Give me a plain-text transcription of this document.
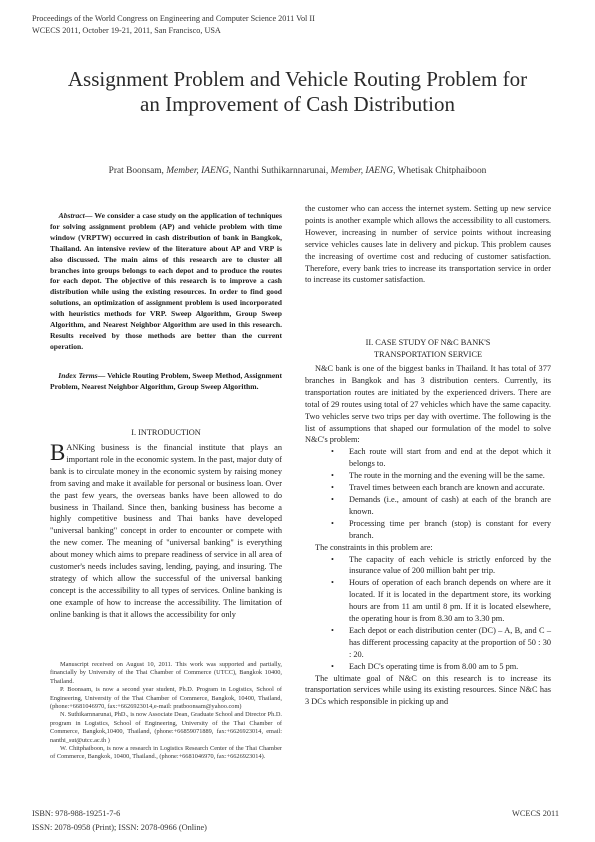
Proceedings of the World Congress on Engineering and Computer Science 2011 Vol II
WCECS 2011, October 19-21, 2011, San Francisco, USA
Assignment Problem and Vehicle Routing Problem for an Improvement of Cash Distribution
Prat Boonsam, Member, IAENG, Nanthi Suthikarnnarunai, Member, IAENG, Whetisak Chitphaiboon
Abstract— We consider a case study on the application of techniques for solving assignment problem (AP) and vehicle problem with time window (VRPTW) occurred in cash distribution of bank in Bangkok, Thailand. An intensive review of the literature about AP and VRP is also discussed. The main aims of this research are to cluster all branches into groups belongs to each depot and to produce the routes for each depot. The objective of this research is to improve a cash distribution while using the existing resources. In order to find good solutions, an optimization of assignment problem is used incorporated with heuristics methods for VRP. Sweep Algorithm, Group Sweep Algorithm, and Nearest Neighbor Algorithm are used in this research. Results received by those methods are better than the current operation.
Index Terms— Vehicle Routing Problem, Sweep Method, Assignment Problem, Nearest Neighbor Algorithm, Group Sweep Algorithm.
I. INTRODUCTION
B ANKing business is the financial institute that plays an important role in the economic system. In the past, major duty of bank is to circulate money in the economic system by raising money from saving and make it available for personal or business loan. Over the past few years, the overseas banks have been allowed to do business in Thailand. Since then, banking business has become a highly competitive business and Thai banks have developed "universal banking" concept in order to encounter or compete with the new comer. The meaning of "universal banking" is everything about money which aims to prepare readiness of service in all area of customer's needs includes saving, lending, paying, and insuring. The strategy of which allow the successful of the universal banking concept is the accessibility to all types of services. Online banking is one example of how to increase the accessibility. The limitation of online banking is that it allows the accessibility for only

Manuscript received on August 10, 2011. This work was supported and partially, financially by University of the Thai Chamber of Commerce (UTCC), Bangkok 10400, Thailand.

P. Boonsam, is now a second year student, Ph.D. Program in Logistics, School of Engineering, University of the Thai Chamber of Commerce, Bangkok, 10400, Thailand, (phone:+6681046970, fax:+6626923014,e-mail: pratboonsam@yahoo.com)

N. Suthikarnnarunai, PhD., is now Associate Dean, Graduate School and Director Ph.D. program in Logistics, School of Engineering, University of the Thai Chamber of Commerce, Bangkok,10400, Thailand, (phone:+66859071889, fax:+6626923014, email: nanthi_sut@utcc.ac.th )

W. Chitphaiboon, is now a research in Logistics Research Center of the Thai Chamber of Commerce, Bangkok, 10400, Thailand., (phone:+6681046970, fax:+6626923014).

the customer who can access the internet system. Setting up new service points is another example which allows the accessibility to all customers. However, increasing in number of service points without increasing service vehicles causes late in delivery and pickup. This problem causes the increasing of overtime cost and reducing of customer satisfaction. Therefore, every bank tries to increase its transportation service in order to increase its customer satisfaction.

II. CASE STUDY OF N&C BANK'S
TRANSPORTATION SERVICE

N&C bank is one of the biggest banks in Thailand. It has total of 377 branches in Bangkok and has 3 distribution centers. Currently, its transportation routes are initiated by the experienced drivers. There are total of 29 routes using total of 27 vehicles which have the same capacity. Two vehicles serve two trips per day with overtime. The following is the list of assumptions that shaped our formulation of the model to solve N&C's problem:

• Each route will start from and end at the depot which it belongs to.
• The route in the morning and the evening will be the same.
• Travel times between each branch are known and accurate.
• Demands (i.e., amount of cash) at each of the branch are known.
• Processing time per branch (stop) is constant for every branch.

The constraints in this problem are:

• The capacity of each vehicle is strictly enforced by the insurance value of 200 million baht per trip.
• Hours of operation of each branch depends on where are it located. If it is located in the department store, its working hours are from 11 am until 8 pm. If it is located elsewhere, the operating hour is from 8.30 am to 3.30 pm.
• Each depot or each distribution center (DC) – A, B, and C – has different processing capacity at the proportion of 50 : 30 : 20.
• Each DC's operating time is from 8.00 am to 5 pm.

The ultimate goal of N&C on this research is to increase its transportation services while using its existing resources. Since N&C has 3 DCs which responsible in picking up and

ISBN: 978-988-19251-7-6
ISSN: 2078-0958 (Print); ISSN: 2078-0966 (Online)
WCECS 2011
